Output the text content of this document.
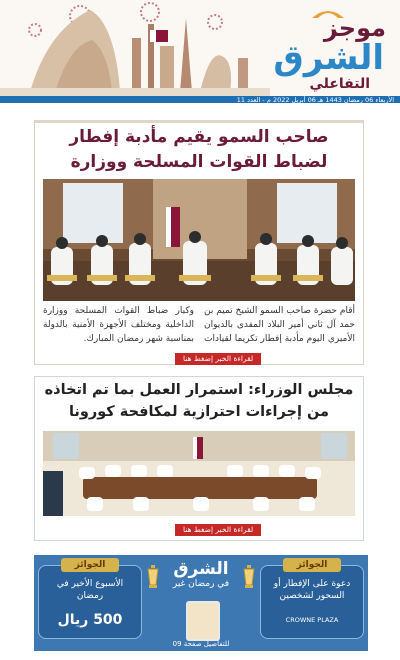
موجز
الشرق
التفاعلي
الأربعاء 06 رمضان 1443 هـ 06 أبريل 2022 م - العدد 11
صاحب السمو يقيم مأدبة إفطار لضباط القوات المسلحة ووزارة
أقام حضرة صاحب السمو الشيخ تميم بن حمد آل ثاني أمير البلاد المفدى بالديوان الأميري اليوم مأدبة إفطار تكريما لقيادات وكبار ضباط القوات المسلحة ووزارة الداخلية ومختلف الأجهزة الأمنية بالدولة بمناسبة شهر رمضان المبارك.
لقراءة الخبر إضغط هنا
مجلس الوزراء: استمرار العمل بما تم اتخاذه من إجراءات احترازية لمكافحة كورونا
لقراءة الخبر إضغط هنا
الجوائز
الأسبوع الأخير في رمضان
500 ريال
الشرق
في رمضان غير
للتفاصيل صفحة 09
الجوائز
دعوة على الإفطار أو السحور لشخصين
CROWNE PLAZA
